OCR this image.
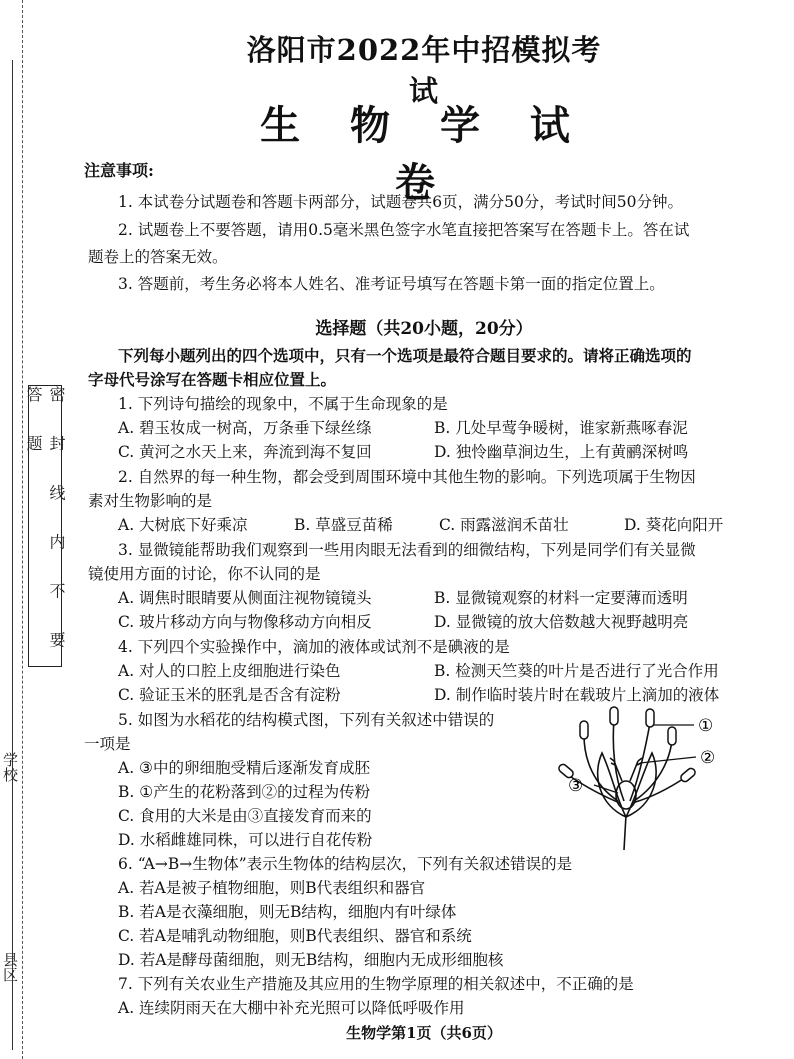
密 封 线 内 不 要 答 题
学校
县区
洛阳市2022年中招模拟考试
生 物 学 试 卷
注意事项:
1. 本试卷分试题卷和答题卡两部分，试题卷共6页，满分50分，考试时间50分钟。
2. 试题卷上不要答题，请用0.5毫米黑色签字水笔直接把答案写在答题卡上。答在试
题卷上的答案无效。
3. 答题前，考生务必将本人姓名、准考证号填写在答题卡第一面的指定位置上。
选择题（共20小题，20分）
下列每小题列出的四个选项中，只有一个选项是最符合题目要求的。请将正确选项的
字母代号涂写在答题卡相应位置上。
1. 下列诗句描绘的现象中，不属于生命现象的是
A. 碧玉妆成一树高，万条垂下绿丝绦	B. 几处早莺争暖树，谁家新燕啄春泥
C. 黄河之水天上来，奔流到海不复回	D. 独怜幽草涧边生，上有黄鹂深树鸣
2. 自然界的每一种生物，都会受到周围环境中其他生物的影响。下列选项属于生物因
素对生物影响的是
A. 大树底下好乘凉	B. 草盛豆苗稀	C. 雨露滋润禾苗壮	D. 葵花向阳开
3. 显微镜能帮助我们观察到一些用肉眼无法看到的细微结构，下列是同学们有关显微
镜使用方面的讨论，你不认同的是
A. 调焦时眼睛要从侧面注视物镜镜头	B. 显微镜观察的材料一定要薄而透明
C. 玻片移动方向与物像移动方向相反	D. 显微镜的放大倍数越大视野越明亮
4. 下列四个实验操作中，滴加的液体或试剂不是碘液的是
A. 对人的口腔上皮细胞进行染色	B. 检测天竺葵的叶片是否进行了光合作用
C. 验证玉米的胚乳是否含有淀粉	D. 制作临时装片时在载玻片上滴加的液体
5. 如图为水稻花的结构模式图，下列有关叙述中错误的
一项是
A. ③中的卵细胞受精后逐渐发育成胚
B. ①产生的花粉落到②的过程为传粉
C. 食用的大米是由③直接发育而来的
D. 水稻雌雄同株，可以进行自花传粉
①
②
③
6. “A→B→生物体”表示生物体的结构层次，下列有关叙述错误的是
A. 若A是被子植物细胞，则B代表组织和器官
B. 若A是衣藻细胞，则无B结构，细胞内有叶绿体
C. 若A是哺乳动物细胞，则B代表组织、器官和系统
D. 若A是酵母菌细胞，则无B结构，细胞内无成形细胞核
7. 下列有关农业生产措施及其应用的生物学原理的相关叙述中，不正确的是
A. 连续阴雨天在大棚中补充光照可以降低呼吸作用
生物学第1页（共6页）
